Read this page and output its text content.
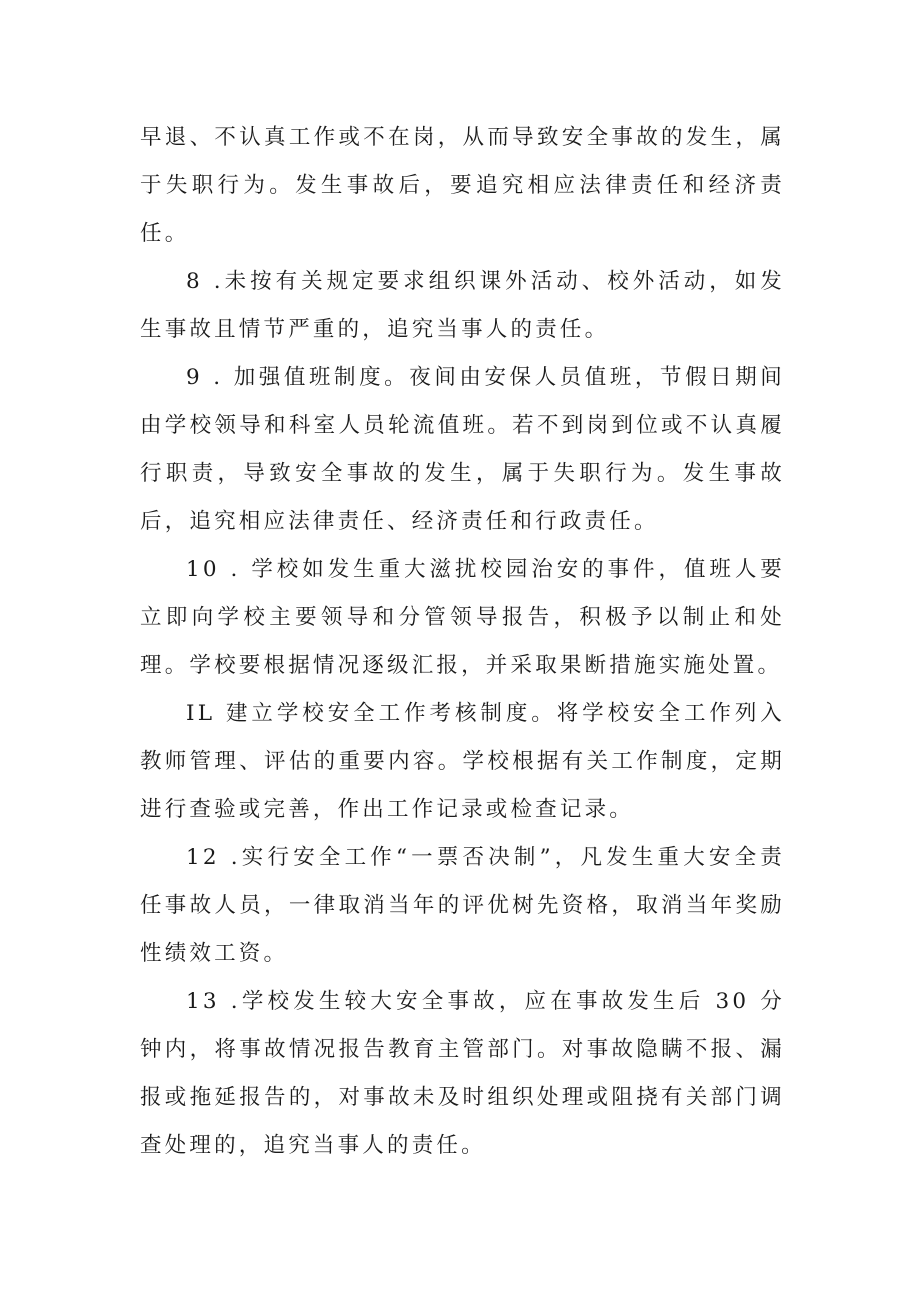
早退、不认真工作或不在岗，从而导致安全事故的发生，属于失职行为。发生事故后，要追究相应法律责任和经济责任。

8 .未按有关规定要求组织课外活动、校外活动，如发生事故且情节严重的，追究当事人的责任。

9 . 加强值班制度。夜间由安保人员值班，节假日期间由学校领导和科室人员轮流值班。若不到岗到位或不认真履行职责，导致安全事故的发生，属于失职行为。发生事故后，追究相应法律责任、经济责任和行政责任。

10 . 学校如发生重大滋扰校园治安的事件，值班人要立即向学校主要领导和分管领导报告，积极予以制止和处理。学校要根据情况逐级汇报，并采取果断措施实施处置。

IL 建立学校安全工作考核制度。将学校安全工作列入教师管理、评估的重要内容。学校根据有关工作制度，定期进行查验或完善，作出工作记录或检查记录。

12 .实行安全工作“一票否决制”，凡发生重大安全责任事故人员，一律取消当年的评优树先资格，取消当年奖励性绩效工资。

13 .学校发生较大安全事故，应在事故发生后 30 分钟内，将事故情况报告教育主管部门。对事故隐瞒不报、漏报或拖延报告的，对事故未及时组织处理或阻挠有关部门调查处理的，追究当事人的责任。
